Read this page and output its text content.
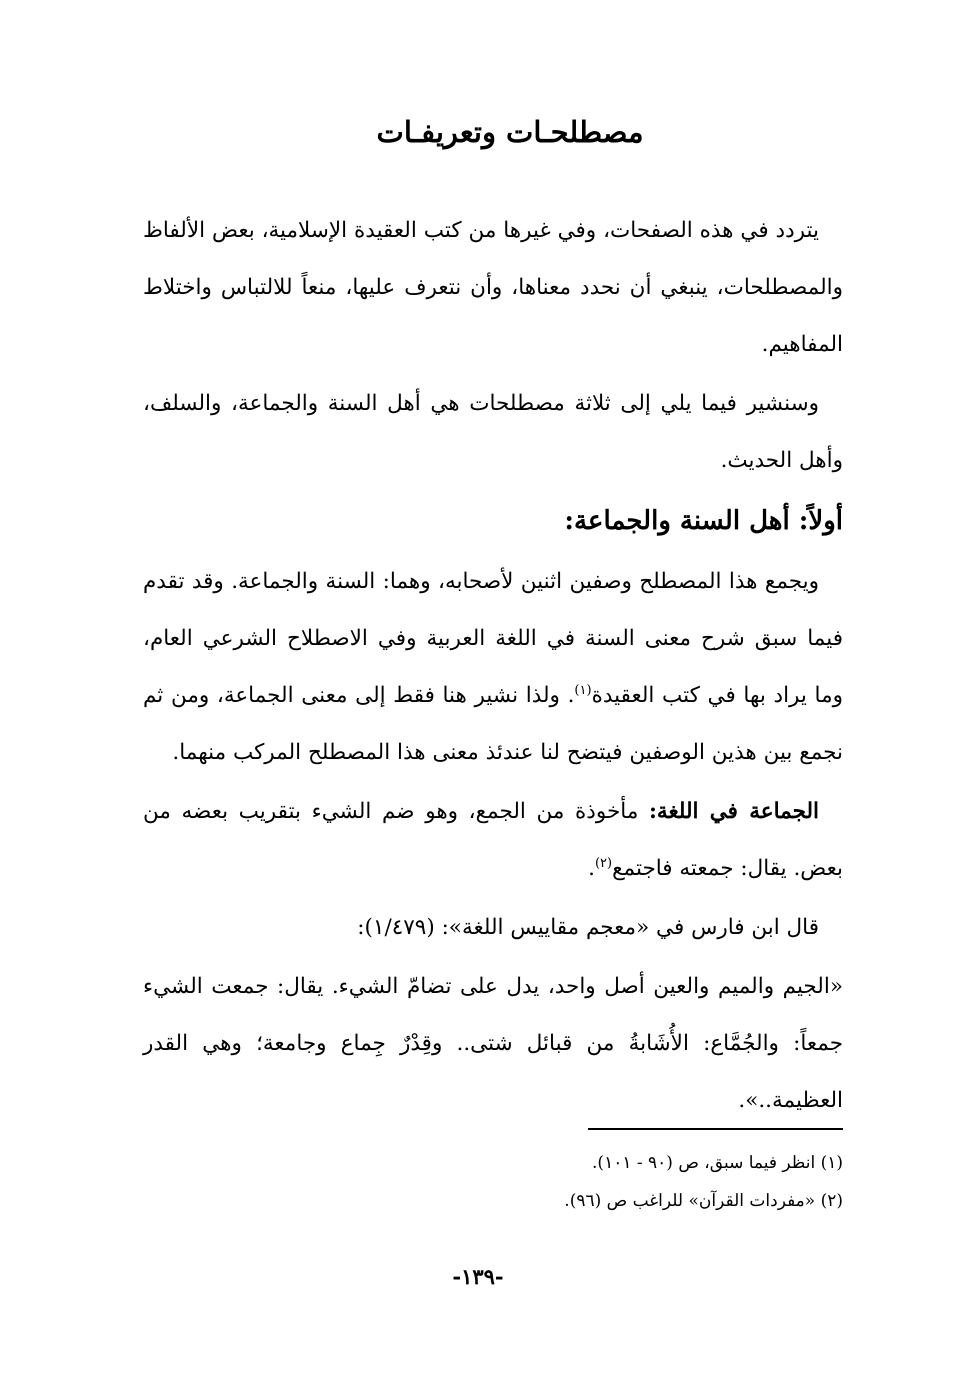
مصطلحـات وتعريفـات

يتردد في هذه الصفحات، وفي غيرها من كتب العقيدة الإسلامية، بعض الألفاظ والمصطلحات، ينبغي أن نحدد معناها، وأن نتعرف عليها، منعاً للالتباس واختلاط المفاهيم.

وسنشير فيما يلي إلى ثلاثة مصطلحات هي أهل السنة والجماعة، والسلف، وأهل الحديث.

أولاً: أهل السنة والجماعة:

ويجمع هذا المصطلح وصفين اثنين لأصحابه، وهما: السنة والجماعة. وقد تقدم فيما سبق شرح معنى السنة في اللغة العربية وفي الاصطلاح الشرعي العام، وما يراد بها في كتب العقيدة$^{(١)}$. ولذا نشير هنا فقط إلى معنى الجماعة، ومن ثم نجمع بين هذين الوصفين فيتضح لنا عندئذ معنى هذا المصطلح المركب منهما.

الجماعة في اللغة: مأخوذة من الجمع، وهو ضم الشيء بتقريب بعضه من بعض. يقال: جمعته فاجتمع$^{(٢)}$.

قال ابن فارس في «معجم مقاييس اللغة»: (١/٤٧٩):

«الجيم والميم والعين أصل واحد، يدل على تضامّ الشيء. يقال: جمعت الشيء جمعاً: والجُمَّاع: الأُشَابةُ من قبائل شتى.. وقِدْرٌ جِماع وجامعة؛ وهي القدر العظيمة..».

(١) انظر فيما سبق، ص (٩٠ - ١٠١).

(٢) «مفردات القرآن» للراغب ص (٩٦).

-١٣٩-
